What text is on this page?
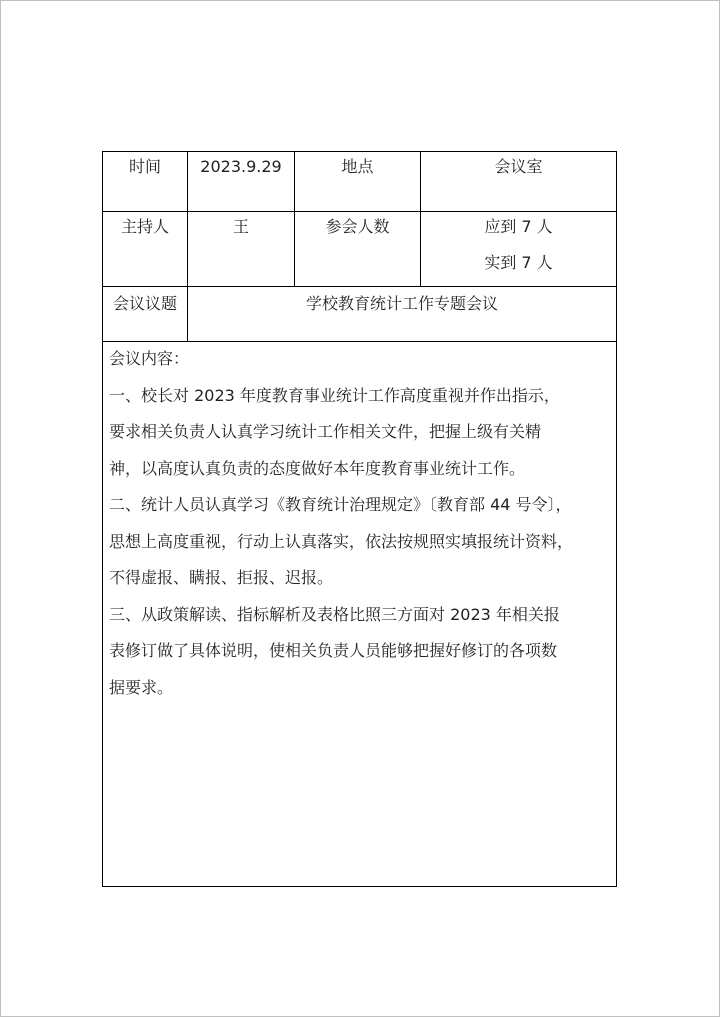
时间	2023.9.29	地点	会议室
主持人	王	参会人数	应到 7 人
实到 7 人
会议议题	学校教育统计工作专题会议

会议内容：

一、校长对 2023 年度教育事业统计工作高度重视并作出指示，

要求相关负责人认真学习统计工作相关文件，把握上级有关精

神，以高度认真负责的态度做好本年度教育事业统计工作。

二、统计人员认真学习《教育统计治理规定》〔教育部 44 号令〕，

思想上高度重视，行动上认真落实，依法按规照实填报统计资料，

不得虚报、瞒报、拒报、迟报。

三、从政策解读、指标解析及表格比照三方面对 2023 年相关报

表修订做了具体说明，使相关负责人员能够把握好修订的各项数

据要求。
